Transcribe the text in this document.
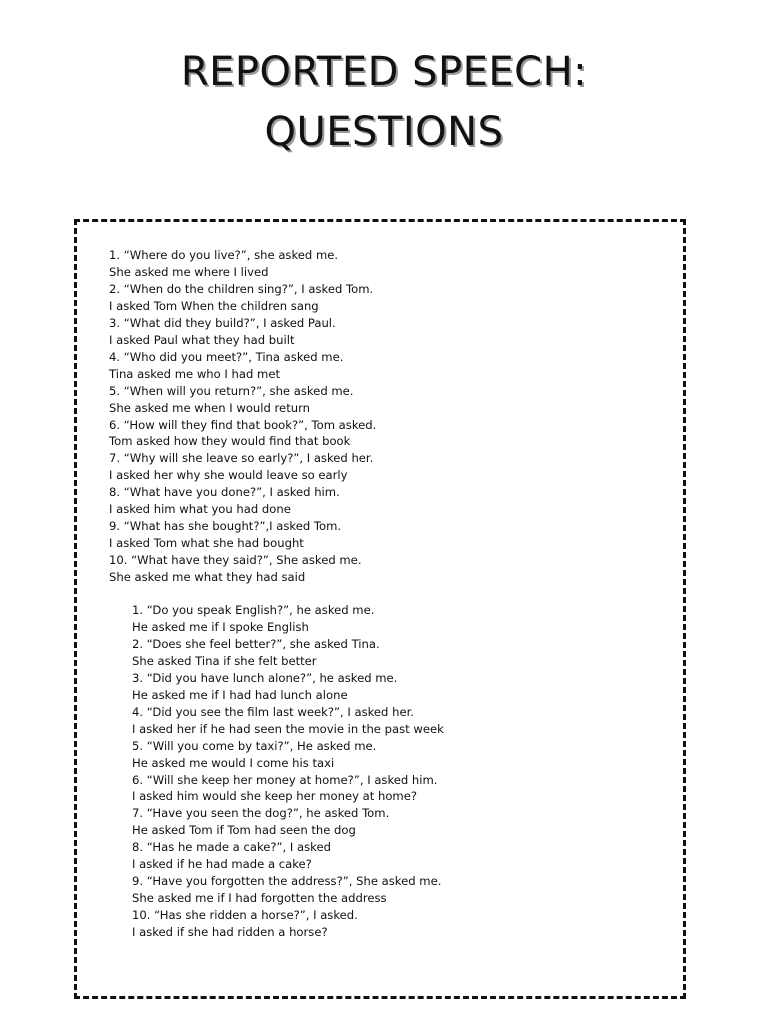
REPORTED SPEECH:
QUESTIONS
1. “Where do you live?”, she asked me.
She asked me where I lived
2. “When do the children sing?”, I asked Tom.
I asked Tom When the children sang
3. “What did they build?”, I asked Paul.
I asked Paul what they had built
4. “Who did you meet?”, Tina asked me.
Tina asked me who I had met
5. “When will you return?”, she asked me.
She asked me when I would return
6. “How will they find that book?”, Tom asked.
Tom asked how they would find that book
7. “Why will she leave so early?”, I asked her.
I asked her why she would leave so early
8. “What have you done?”, I asked him.
I asked him what you had done
9. “What has she bought?”,I asked Tom.
I asked Tom what she had bought
10. “What have they said?”, She asked me.
She asked me what they had said
1. “Do you speak English?”, he asked me.
He asked me if I spoke English
2. “Does she feel better?”, she asked Tina.
She asked Tina if she felt better
3. “Did you have lunch alone?”, he asked me.
He asked me if I had had lunch alone
4. “Did you see the film last week?”, I asked her.
I asked her if he had seen the movie in the past week
5. “Will you come by taxi?”, He asked me.
He asked me would I come his taxi
6. “Will she keep her money at home?”, I asked him.
I asked him would she keep her money at home?
7. “Have you seen the dog?”, he asked Tom.
He asked Tom if Tom had seen the dog
8. “Has he made a cake?”, I asked
I asked if he had made a cake?
9. “Have you forgotten the address?”, She asked me.
She asked me if I had forgotten the address
10. “Has she ridden a horse?”, I asked.
I asked if she had ridden a horse?
